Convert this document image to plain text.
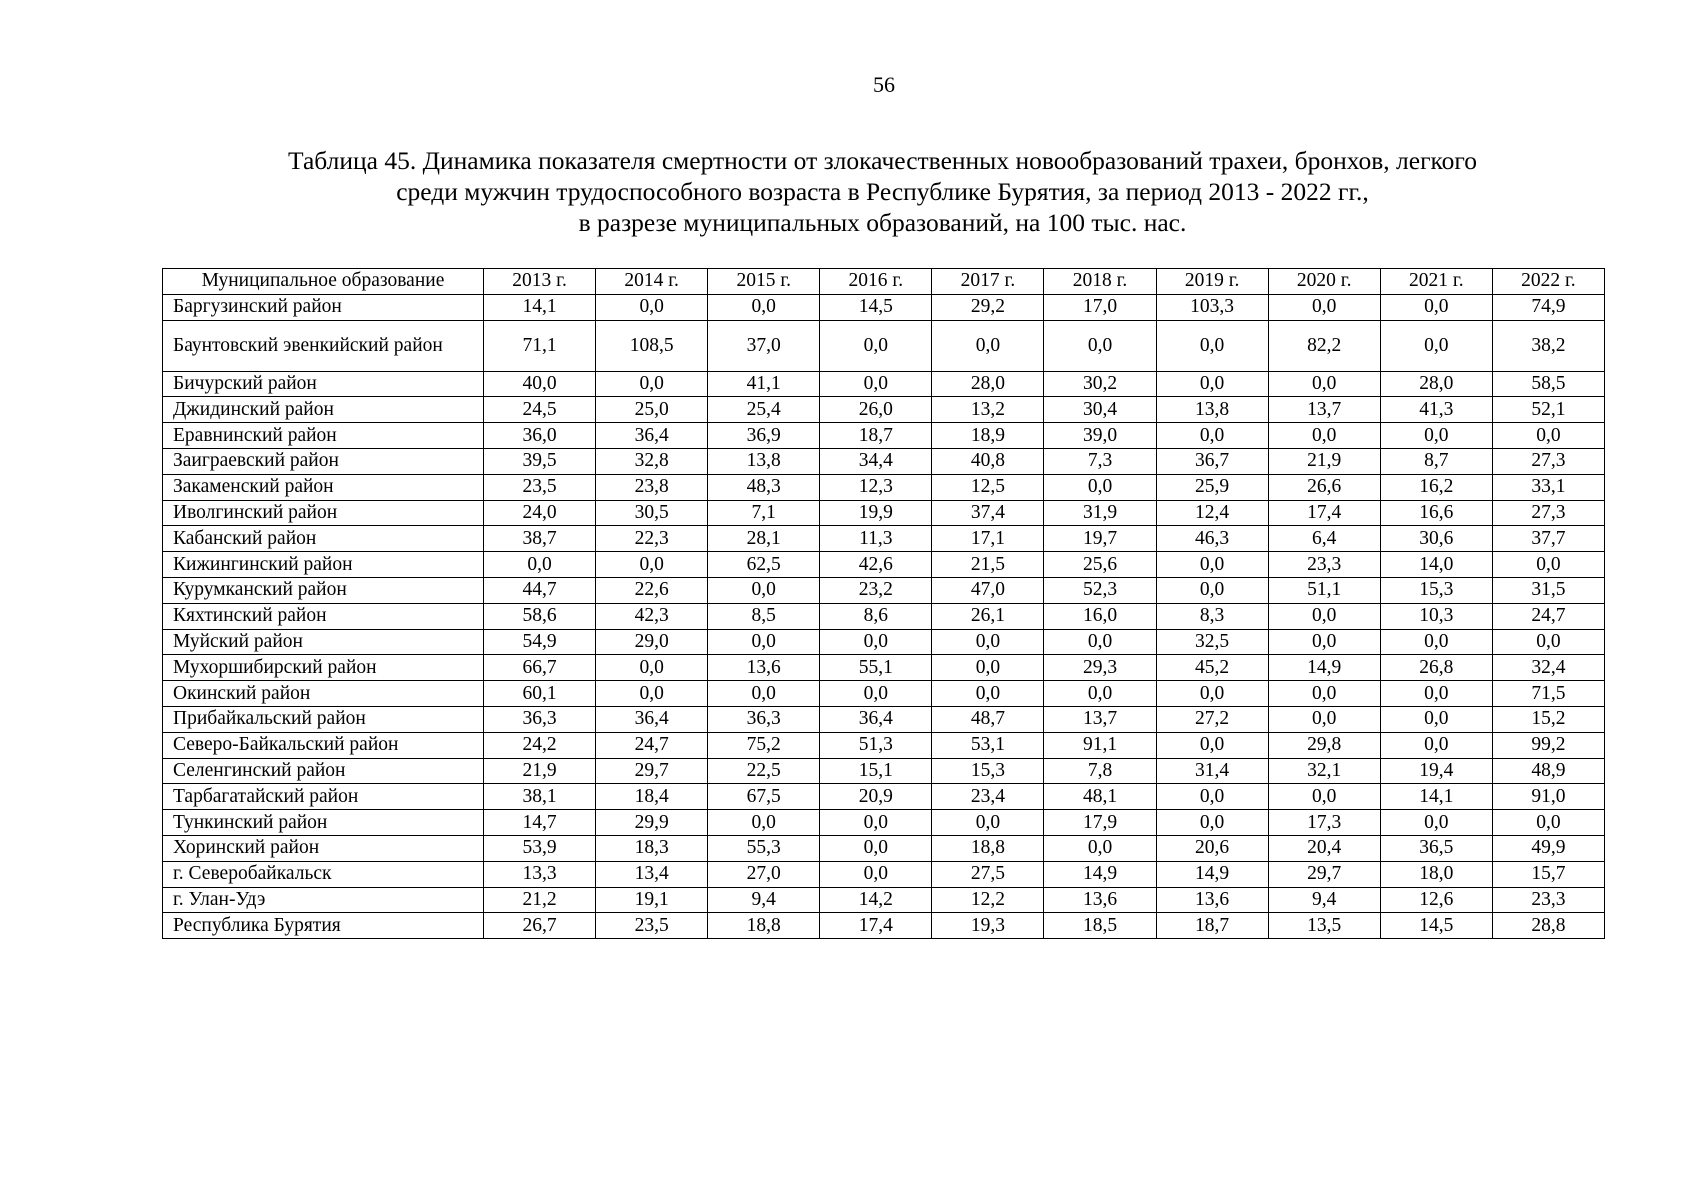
56
Таблица 45. Динамика показателя смертности от злокачественных новообразований трахеи, бронхов, легкого
среди мужчин трудоспособного возраста в Республике Бурятия, за период 2013 - 2022 гг.,
в разрезе муниципальных образований, на 100 тыс. нас.
Муниципальное образование	2013 г.	2014 г.	2015 г.	2016 г.	2017 г.	2018 г.	2019 г.	2020 г.	2021 г.	2022 г.
Баргузинский район	14,1	0,0	0,0	14,5	29,2	17,0	103,3	0,0	0,0	74,9
Баунтовский эвенкийский район	71,1	108,5	37,0	0,0	0,0	0,0	0,0	82,2	0,0	38,2
Бичурский район	40,0	0,0	41,1	0,0	28,0	30,2	0,0	0,0	28,0	58,5
Джидинский район	24,5	25,0	25,4	26,0	13,2	30,4	13,8	13,7	41,3	52,1
Еравнинский район	36,0	36,4	36,9	18,7	18,9	39,0	0,0	0,0	0,0	0,0
Заиграевский район	39,5	32,8	13,8	34,4	40,8	7,3	36,7	21,9	8,7	27,3
Закаменский район	23,5	23,8	48,3	12,3	12,5	0,0	25,9	26,6	16,2	33,1
Иволгинский район	24,0	30,5	7,1	19,9	37,4	31,9	12,4	17,4	16,6	27,3
Кабанский район	38,7	22,3	28,1	11,3	17,1	19,7	46,3	6,4	30,6	37,7
Кижингинский район	0,0	0,0	62,5	42,6	21,5	25,6	0,0	23,3	14,0	0,0
Курумканский район	44,7	22,6	0,0	23,2	47,0	52,3	0,0	51,1	15,3	31,5
Кяхтинский район	58,6	42,3	8,5	8,6	26,1	16,0	8,3	0,0	10,3	24,7
Муйский район	54,9	29,0	0,0	0,0	0,0	0,0	32,5	0,0	0,0	0,0
Мухоршибирский район	66,7	0,0	13,6	55,1	0,0	29,3	45,2	14,9	26,8	32,4
Окинский район	60,1	0,0	0,0	0,0	0,0	0,0	0,0	0,0	0,0	71,5
Прибайкальский район	36,3	36,4	36,3	36,4	48,7	13,7	27,2	0,0	0,0	15,2
Северо-Байкальский район	24,2	24,7	75,2	51,3	53,1	91,1	0,0	29,8	0,0	99,2
Селенгинский район	21,9	29,7	22,5	15,1	15,3	7,8	31,4	32,1	19,4	48,9
Тарбагатайский район	38,1	18,4	67,5	20,9	23,4	48,1	0,0	0,0	14,1	91,0
Тункинский район	14,7	29,9	0,0	0,0	0,0	17,9	0,0	17,3	0,0	0,0
Хоринский район	53,9	18,3	55,3	0,0	18,8	0,0	20,6	20,4	36,5	49,9
г. Северобайкальск	13,3	13,4	27,0	0,0	27,5	14,9	14,9	29,7	18,0	15,7
г. Улан-Удэ	21,2	19,1	9,4	14,2	12,2	13,6	13,6	9,4	12,6	23,3
Республика Бурятия	26,7	23,5	18,8	17,4	19,3	18,5	18,7	13,5	14,5	28,8
